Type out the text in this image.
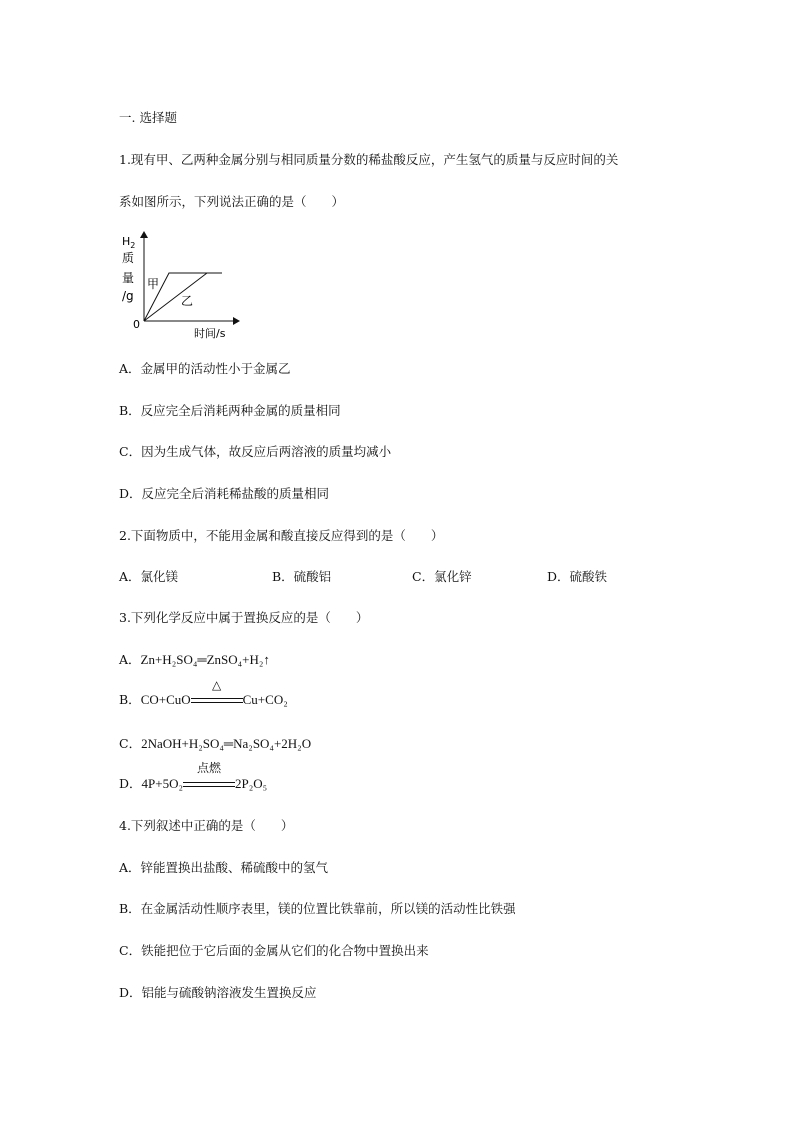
一. 选择题
1.现有甲、乙两种金属分别与相同质量分数的稀盐酸反应，产生氢气的质量与反应时间的关
系如图所示，下列说法正确的是（　　）
$H_2$
质
量
/g
0
甲
乙
时间/s
A．金属甲的活动性小于金属乙
B．反应完全后消耗两种金属的质量相同
C．因为生成气体，故反应后两溶液的质量均减小
D．反应完全后消耗稀盐酸的质量相同
2.下面物质中，不能用金属和酸直接反应得到的是（　　）
A．氯化镁	B．硫酸铝	C．氯化锌	D．硫酸铁
3.下列化学反应中属于置换反应的是（　　）
A．Zn+H₂SO₄═ZnSO₄+H₂↑
B．CO+CuO
△
Cu+CO₂
C．2NaOH+H₂SO₄═Na₂SO₄+2H₂O
D．4P+5O₂
点燃
2P₂O₅
4.下列叙述中正确的是（　　）
A．锌能置换出盐酸、稀硫酸中的氢气
B．在金属活动性顺序表里，镁的位置比铁靠前，所以镁的活动性比铁强
C．铁能把位于它后面的金属从它们的化合物中置换出来
D．铝能与硫酸钠溶液发生置换反应
